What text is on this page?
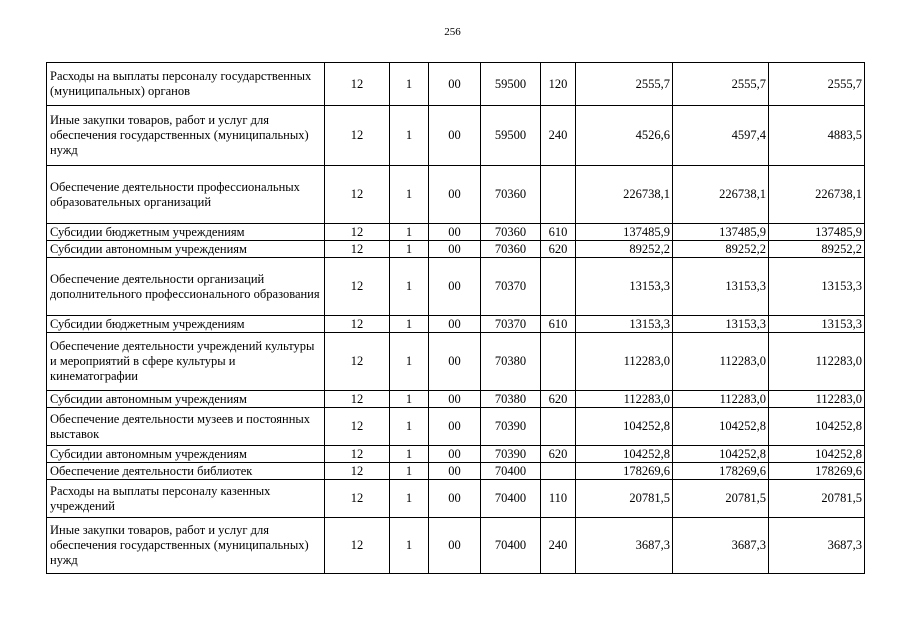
256
Расходы на выплаты персоналу государственных (муниципальных) органов	12	1	00	59500	120	2555,7	2555,7	2555,7
Иные закупки товаров, работ и услуг для обеспечения государственных (муниципальных) нужд	12	1	00	59500	240	4526,6	4597,4	4883,5
Обеспечение деятельности профессиональных образовательных организаций	12	1	00	70360		226738,1	226738,1	226738,1
Субсидии бюджетным учреждениям	12	1	00	70360	610	137485,9	137485,9	137485,9
Субсидии автономным учреждениям	12	1	00	70360	620	89252,2	89252,2	89252,2
Обеспечение деятельности организаций дополнительного профессионального образования	12	1	00	70370		13153,3	13153,3	13153,3
Субсидии бюджетным учреждениям	12	1	00	70370	610	13153,3	13153,3	13153,3
Обеспечение деятельности учреждений культуры и мероприятий в сфере культуры и кинематографии	12	1	00	70380		112283,0	112283,0	112283,0
Субсидии автономным учреждениям	12	1	00	70380	620	112283,0	112283,0	112283,0
Обеспечение деятельности музеев и постоянных выставок	12	1	00	70390		104252,8	104252,8	104252,8
Субсидии автономным учреждениям	12	1	00	70390	620	104252,8	104252,8	104252,8
Обеспечение деятельности библиотек	12	1	00	70400		178269,6	178269,6	178269,6
Расходы на выплаты персоналу казенных учреждений	12	1	00	70400	110	20781,5	20781,5	20781,5
Иные закупки товаров, работ и услуг для обеспечения государственных (муниципальных) нужд	12	1	00	70400	240	3687,3	3687,3	3687,3
